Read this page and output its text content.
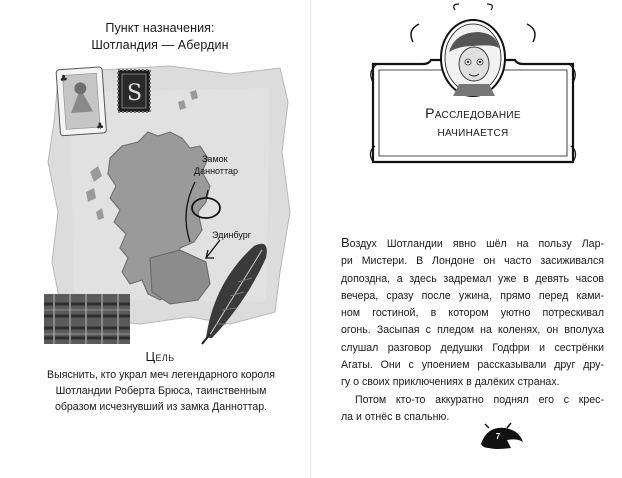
Пункт назначения:
Шотландия — Абердин
Замок
Данноттар
Эдинбург
♣
♣
S
Цель
Выяснить, кто украл меч легендарного короля
Шотландии Роберта Брюса, таинственным
образом исчезнувший из замка Даннoттар.
Расследование
начинается
Воздух Шотландии явно шёл на пользу Лар-
ри Мистери. В Лондоне он часто засиживался
допоздна, а здесь задремал уже в девять часов
вечера, сразу после ужина, прямо перед ками-
ном гостиной, в котором уютно потрескивал
огонь. Засыпая с пледом на коленях, он вполуха
слушал разговор дедушки Годфри и сестрёнки
Агаты. Они с упоением рассказывали друг дру-
гу о своих приключениях в далёких странах.
Потом кто-то аккуратно поднял его с крес-
ла и отнёс в спальню.
7
